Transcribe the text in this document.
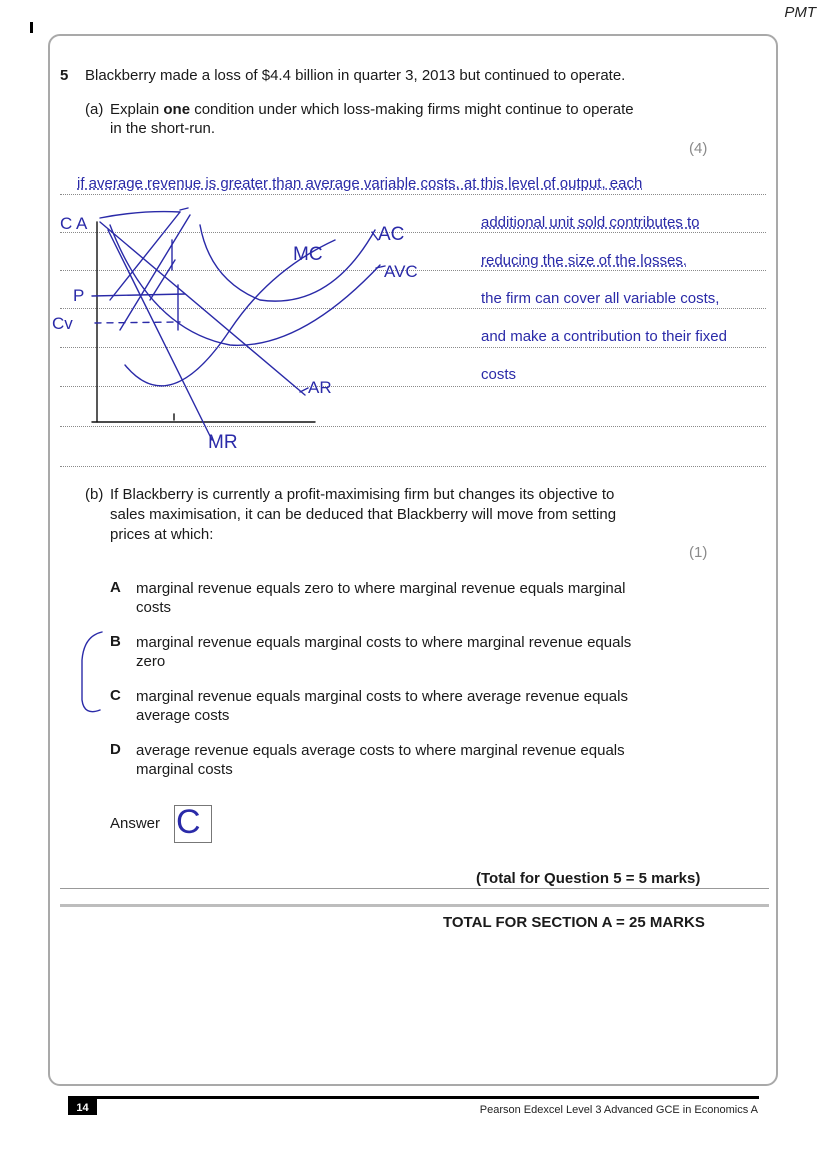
PMT
5 Blackberry made a loss of $4.4 billion in quarter 3, 2013 but continued to operate.
(a) Explain one condition under which loss-making firms might continue to operate
in the short-run.
(4)
if average revenue is greater than average variable costs. at this level of output, each
additional unit sold contributes to
reducing the size of the losses.
the firm can cover all variable costs,
and make a contribution to their fixed
costs
C A
P
Cv
MC
AC
AVC
AR
MR
(b) If Blackberry is currently a profit-maximising firm but changes its objective to
sales maximisation, it can be deduced that Blackberry will move from setting
prices at which:
(1)
A marginal revenue equals zero to where marginal revenue equals marginal
costs
B marginal revenue equals marginal costs to where marginal revenue equals
zero
C marginal revenue equals marginal costs to where average revenue equals
average costs
D average revenue equals average costs to where marginal revenue equals
marginal costs
Answer C
(Total for Question 5 = 5 marks)
TOTAL FOR SECTION A = 25 MARKS
14	Pearson Edexcel Level 3 Advanced GCE in Economics A
